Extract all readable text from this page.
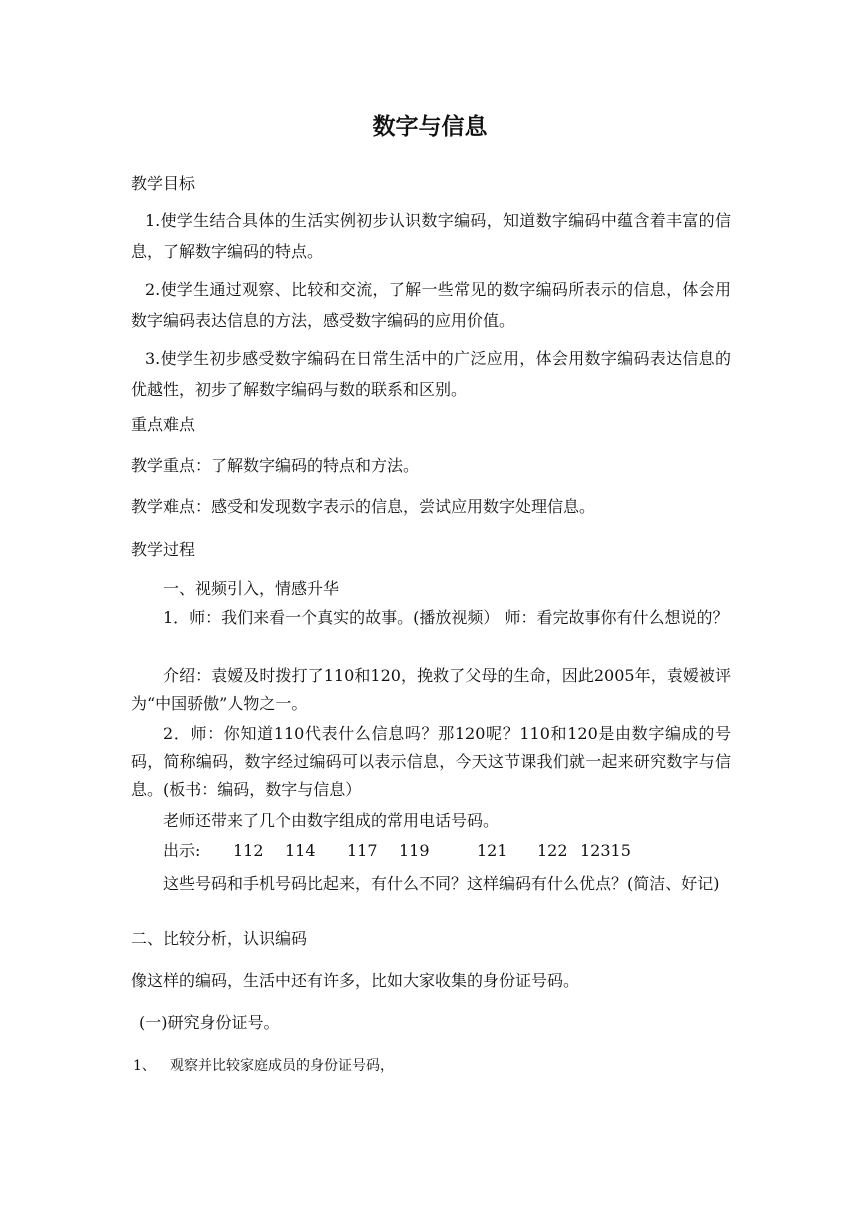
数字与信息
教学目标
1.使学生结合具体的生活实例初步认识数字编码，知道数字编码中蕴含着丰富的信息，了解数字编码的特点。
2.使学生通过观察、比较和交流，了解一些常见的数字编码所表示的信息，体会用数字编码表达信息的方法，感受数字编码的应用价值。
3.使学生初步感受数字编码在日常生活中的广泛应用，体会用数字编码表达信息的优越性，初步了解数字编码与数的联系和区别。
重点难点
教学重点：了解数字编码的特点和方法。
教学难点：感受和发现数字表示的信息，尝试应用数字处理信息。
教学过程
一、视频引入，情感升华
1．师：我们来看一个真实的故事。(播放视频） 师：看完故事你有什么想说的？
介绍：袁嫒及时拨打了110和120，挽救了父母的生命，因此2005年，袁嫒被评为“中国骄傲”人物之一。
2．师：你知道110代表什么信息吗？那120呢？110和120是由数字编成的号码，简称编码，数字经过编码可以表示信息，今天这节课我们就一起来研究数字与信息。(板书：编码，数字与信息）
老师还带来了几个由数字组成的常用电话号码。
出示: 112 114 117 119	121 122 12315
这些号码和手机号码比起来，有什么不同？这样编码有什么优点？(简洁、好记)
二、比较分析，认识编码
像这样的编码，生活中还有许多，比如大家收集的身份证号码。
(一)研究身份证号。
1、 观察并比较家庭成员的身份证号码，
